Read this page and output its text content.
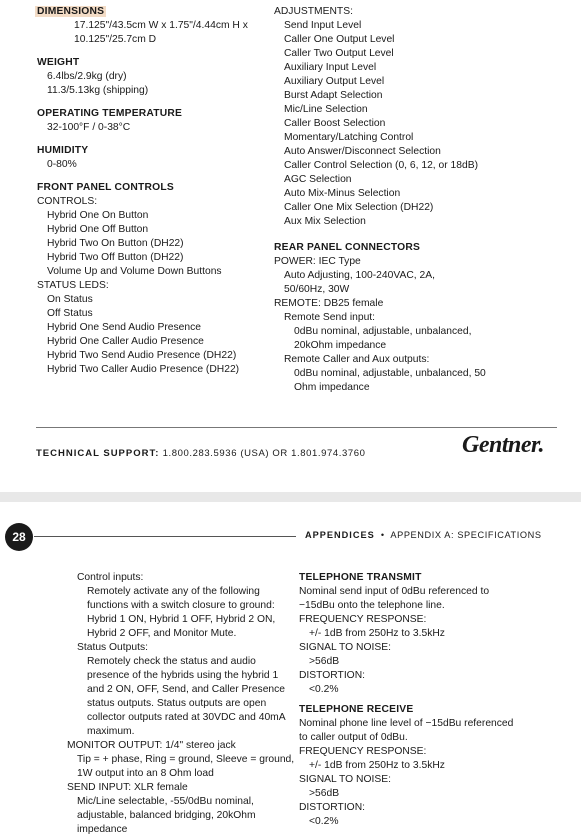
DIMENSIONS
17.125"/43.5cm W x 1.75"/4.44cm H x
10.125"/25.7cm D
WEIGHT
6.4lbs/2.9kg (dry)
11.3/5.13kg (shipping)
OPERATING TEMPERATURE
32-100°F / 0-38°C
HUMIDITY
0-80%
FRONT PANEL CONTROLS
CONTROLS:
Hybrid One On Button
Hybrid One Off Button
Hybrid Two On Button (DH22)
Hybrid Two Off Button (DH22)
Volume Up and Volume Down Buttons
STATUS LEDS:
On Status
Off Status
Hybrid One Send Audio Presence
Hybrid One Caller Audio Presence
Hybrid Two Send Audio Presence (DH22)
Hybrid Two Caller Audio Presence (DH22)
ADJUSTMENTS:
Send Input Level
Caller One Output Level
Caller Two Output Level
Auxiliary Input Level
Auxiliary Output Level
Burst Adapt Selection
Mic/Line Selection
Caller Boost Selection
Momentary/Latching Control
Auto Answer/Disconnect Selection
Caller Control Selection (0, 6, 12, or 18dB)
AGC Selection
Auto Mix-Minus Selection
Caller One Mix Selection (DH22)
Aux Mix Selection
REAR PANEL CONNECTORS
POWER: IEC Type
Auto Adjusting, 100-240VAC, 2A,
50/60Hz, 30W
REMOTE: DB25 female
Remote Send input:
0dBu nominal, adjustable, unbalanced,
20kOhm impedance
Remote Caller and Aux outputs:
0dBu nominal, adjustable, unbalanced, 50
Ohm impedance
TECHNICAL SUPPORT: 1.800.283.5936 (USA) OR 1.801.974.3760	Gentner.
28	APPENDICES • APPENDIX A: SPECIFICATIONS
Control inputs:
Remotely activate any of the following
functions with a switch closure to ground:
Hybrid 1 ON, Hybrid 1 OFF, Hybrid 2 ON,
Hybrid 2 OFF, and Monitor Mute.
Status Outputs:
Remotely check the status and audio
presence of the hybrids using the hybrid 1
and 2 ON, OFF, Send, and Caller Presence
status outputs. Status outputs are open
collector outputs rated at 30VDC and 40mA
maximum.
MONITOR OUTPUT: 1/4" stereo jack
Tip = + phase, Ring = ground, Sleeve = ground,
1W output into an 8 Ohm load
SEND INPUT: XLR female
Mic/Line selectable, -55/0dBu nominal,
adjustable, balanced bridging, 20kOhm
impedance
TELEPHONE TRANSMIT
Nominal send input of 0dBu referenced to
−15dBu onto the telephone line.
FREQUENCY RESPONSE:
+/- 1dB from 250Hz to 3.5kHz
SIGNAL TO NOISE:
>56dB
DISTORTION:
<0.2%
TELEPHONE RECEIVE
Nominal phone line level of −15dBu referenced
to caller output of 0dBu.
FREQUENCY RESPONSE:
+/- 1dB from 250Hz to 3.5kHz
SIGNAL TO NOISE:
>56dB
DISTORTION:
<0.2%
